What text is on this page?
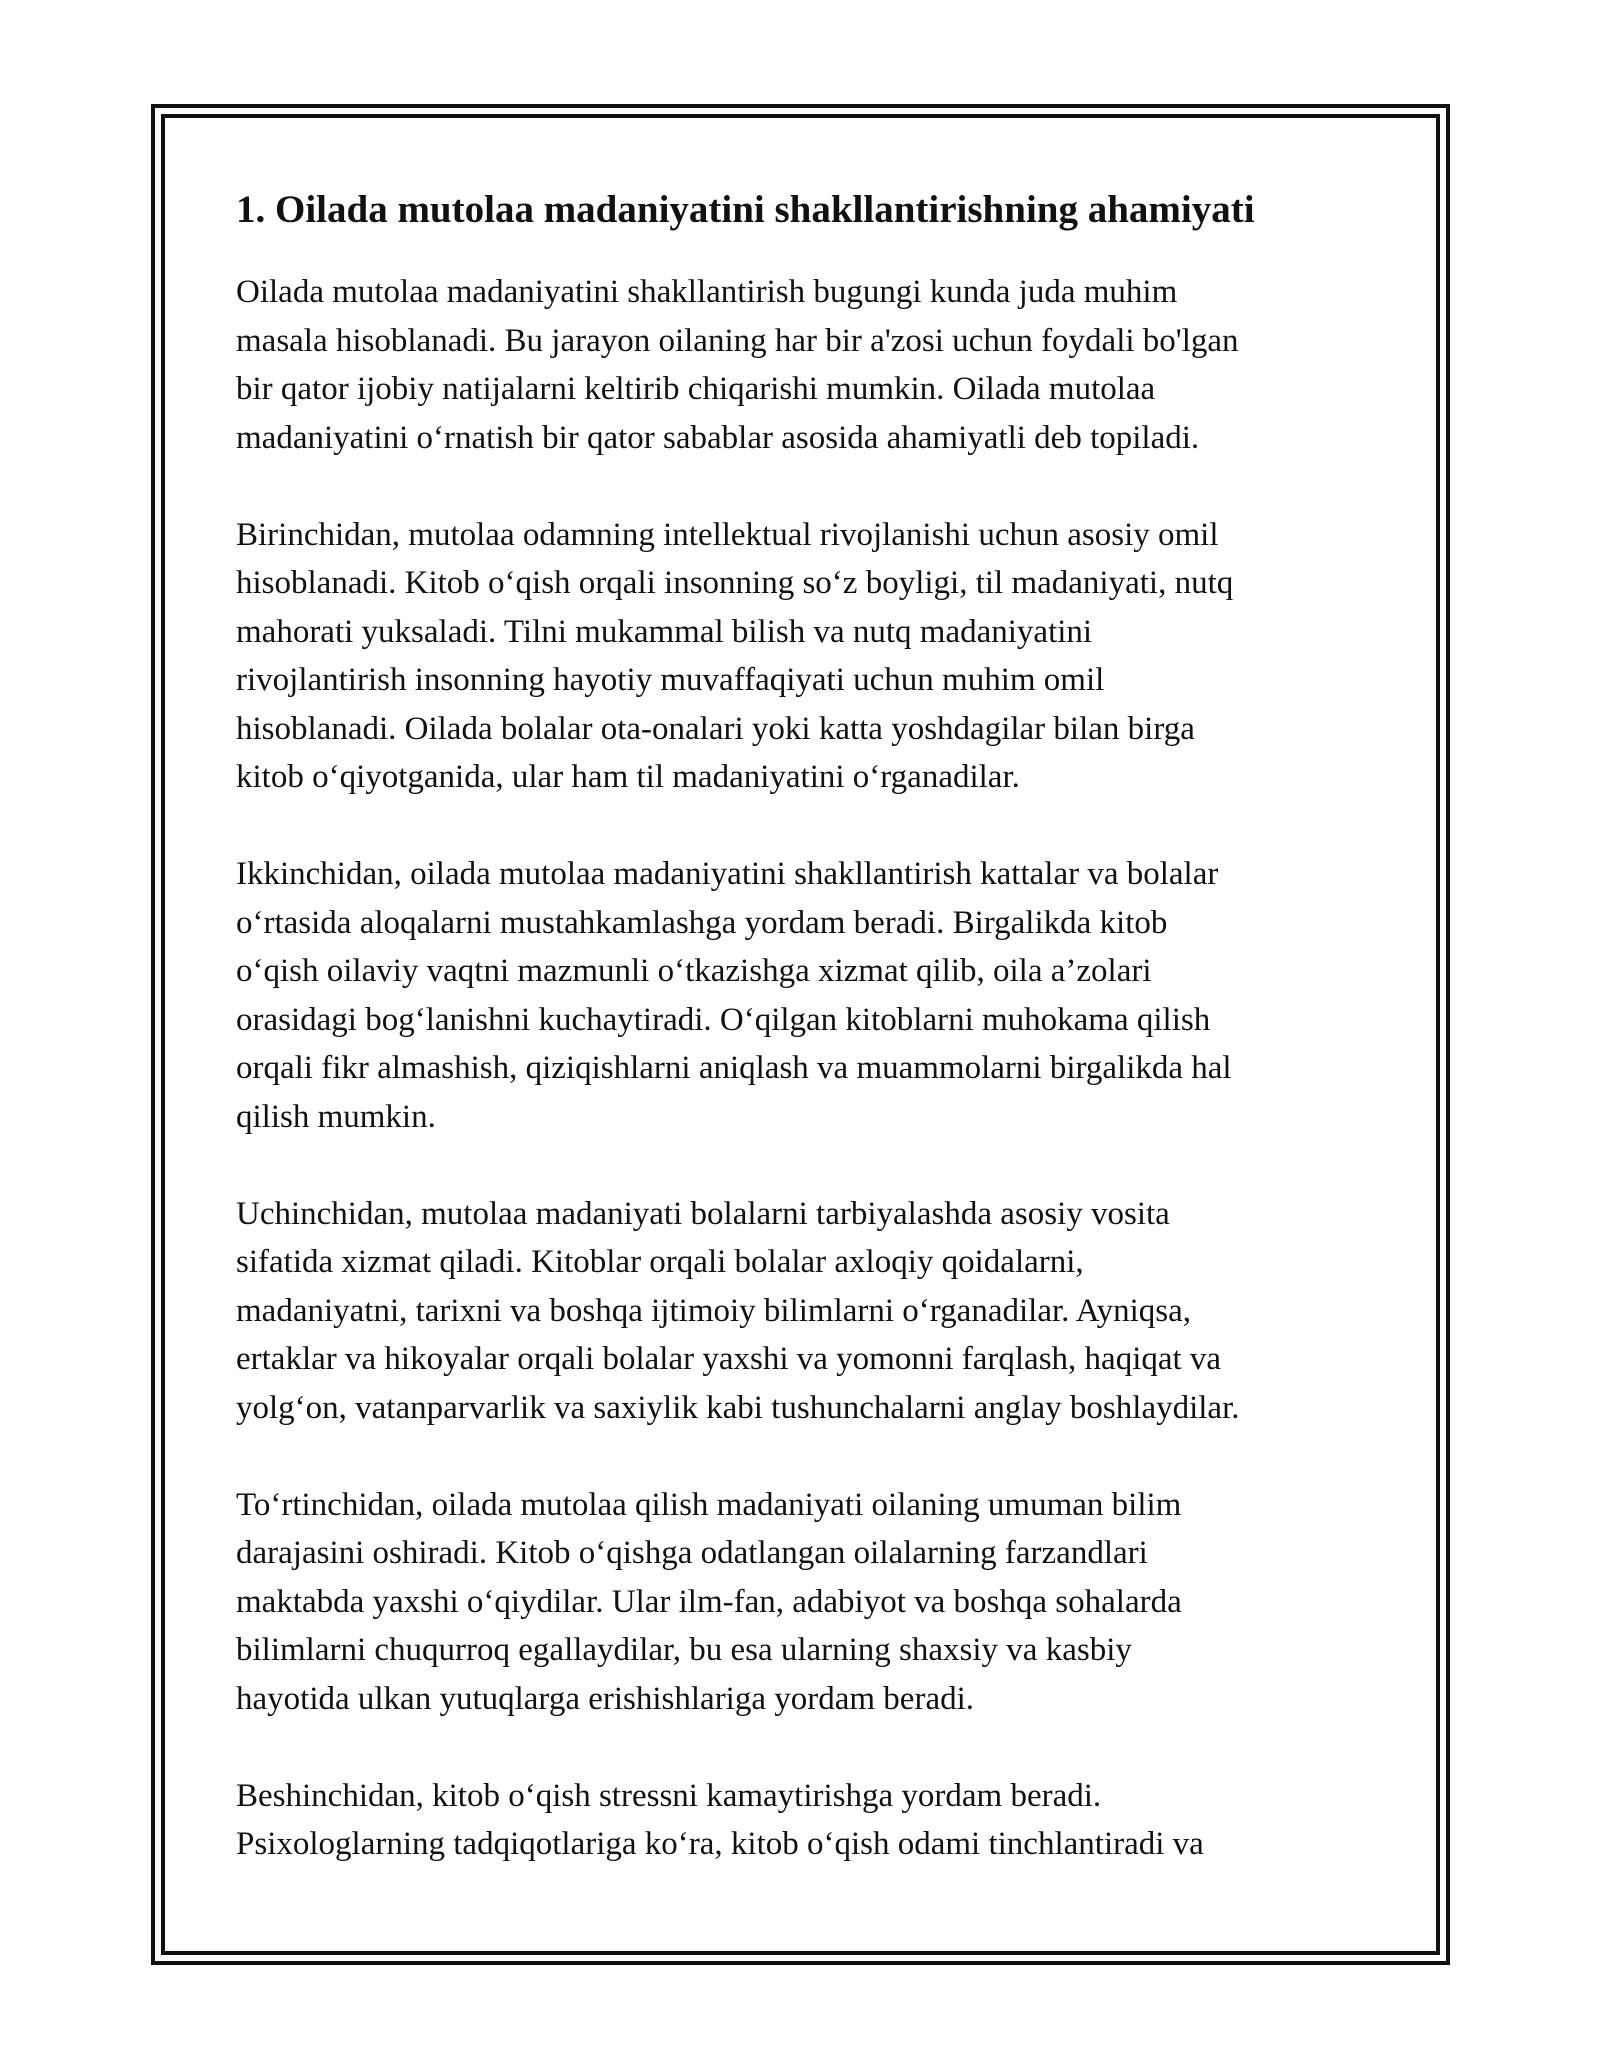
1. Oilada mutolaa madaniyatini shakllantirishning ahamiyati

Oilada mutolaa madaniyatini shakllantirish bugungi kunda juda muhim
masala hisoblanadi. Bu jarayon oilaning har bir a'zosi uchun foydali bo'lgan
bir qator ijobiy natijalarni keltirib chiqarishi mumkin. Oilada mutolaa
madaniyatini oʻrnatish bir qator sabablar asosida ahamiyatli deb topiladi.

Birinchidan, mutolaa odamning intellektual rivojlanishi uchun asosiy omil
hisoblanadi. Kitob oʻqish orqali insonning soʻz boyligi, til madaniyati, nutq
mahorati yuksaladi. Tilni mukammal bilish va nutq madaniyatini
rivojlantirish insonning hayotiy muvaffaqiyati uchun muhim omil
hisoblanadi. Oilada bolalar ota-onalari yoki katta yoshdagilar bilan birga
kitob oʻqiyotganida, ular ham til madaniyatini oʻrganadilar.

Ikkinchidan, oilada mutolaa madaniyatini shakllantirish kattalar va bolalar
oʻrtasida aloqalarni mustahkamlashga yordam beradi. Birgalikda kitob
oʻqish oilaviy vaqtni mazmunli oʻtkazishga xizmat qilib, oila a’zolari
orasidagi bogʻlanishni kuchaytiradi. Oʻqilgan kitoblarni muhokama qilish
orqali fikr almashish, qiziqishlarni aniqlash va muammolarni birgalikda hal
qilish mumkin.

Uchinchidan, mutolaa madaniyati bolalarni tarbiyalashda asosiy vosita
sifatida xizmat qiladi. Kitoblar orqali bolalar axloqiy qoidalarni,
madaniyatni, tarixni va boshqa ijtimoiy bilimlarni oʻrganadilar. Ayniqsa,
ertaklar va hikoyalar orqali bolalar yaxshi va yomonni farqlash, haqiqat va
yolgʻon, vatanparvarlik va saxiylik kabi tushunchalarni anglay boshlaydilar.

Toʻrtinchidan, oilada mutolaa qilish madaniyati oilaning umuman bilim
darajasini oshiradi. Kitob oʻqishga odatlangan oilalarning farzandlari
maktabda yaxshi oʻqiydilar. Ular ilm-fan, adabiyot va boshqa sohalarda
bilimlarni chuqurroq egallaydilar, bu esa ularning shaxsiy va kasbiy
hayotida ulkan yutuqlarga erishishlariga yordam beradi.

Beshinchidan, kitob oʻqish stressni kamaytirishga yordam beradi.
Psixologlarning tadqiqotlariga koʻra, kitob oʻqish odami tinchlantiradi va
